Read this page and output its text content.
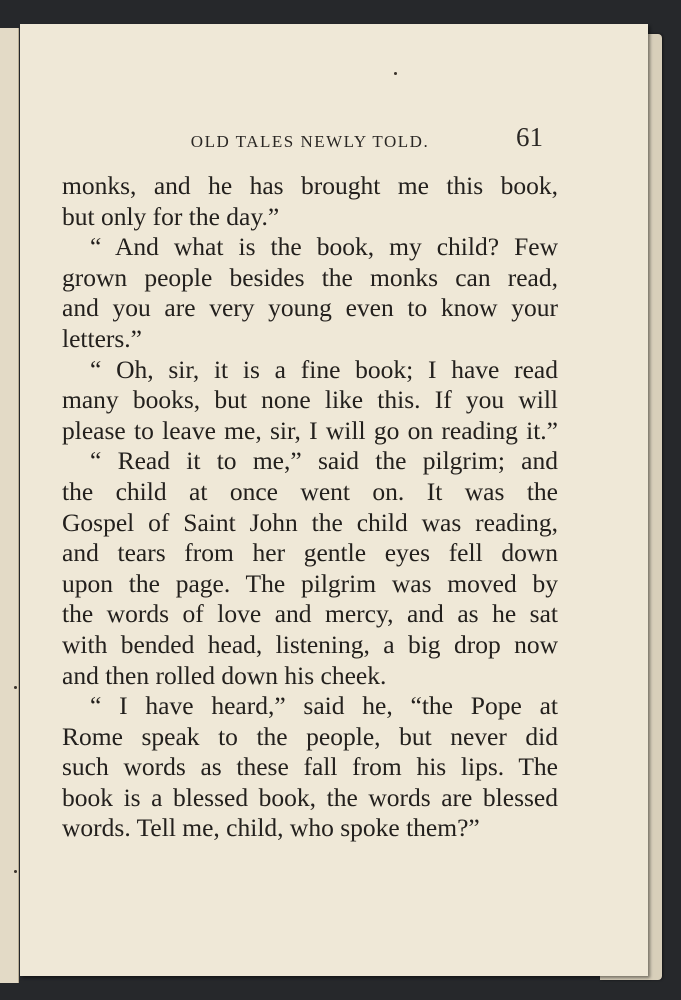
OLD TALES NEWLY TOLD.	61
monks, and he has brought me this book,
but only for the day.”
“ And what is the book, my child? Few
grown people besides the monks can read,
and you are very young even to know your
letters.”
“ Oh, sir, it is a fine book; I have read
many books, but none like this. If you will
please to leave me, sir, I will go on reading it.”
“ Read it to me,” said the pilgrim; and
the child at once went on. It was the
Gospel of Saint John the child was reading,
and tears from her gentle eyes fell down
upon the page. The pilgrim was moved by
the words of love and mercy, and as he sat
with bended head, listening, a big drop now
and then rolled down his cheek.
“ I have heard,” said he, “the Pope at
Rome speak to the people, but never did
such words as these fall from his lips. The
book is a blessed book, the words are blessed
words. Tell me, child, who spoke them?”
